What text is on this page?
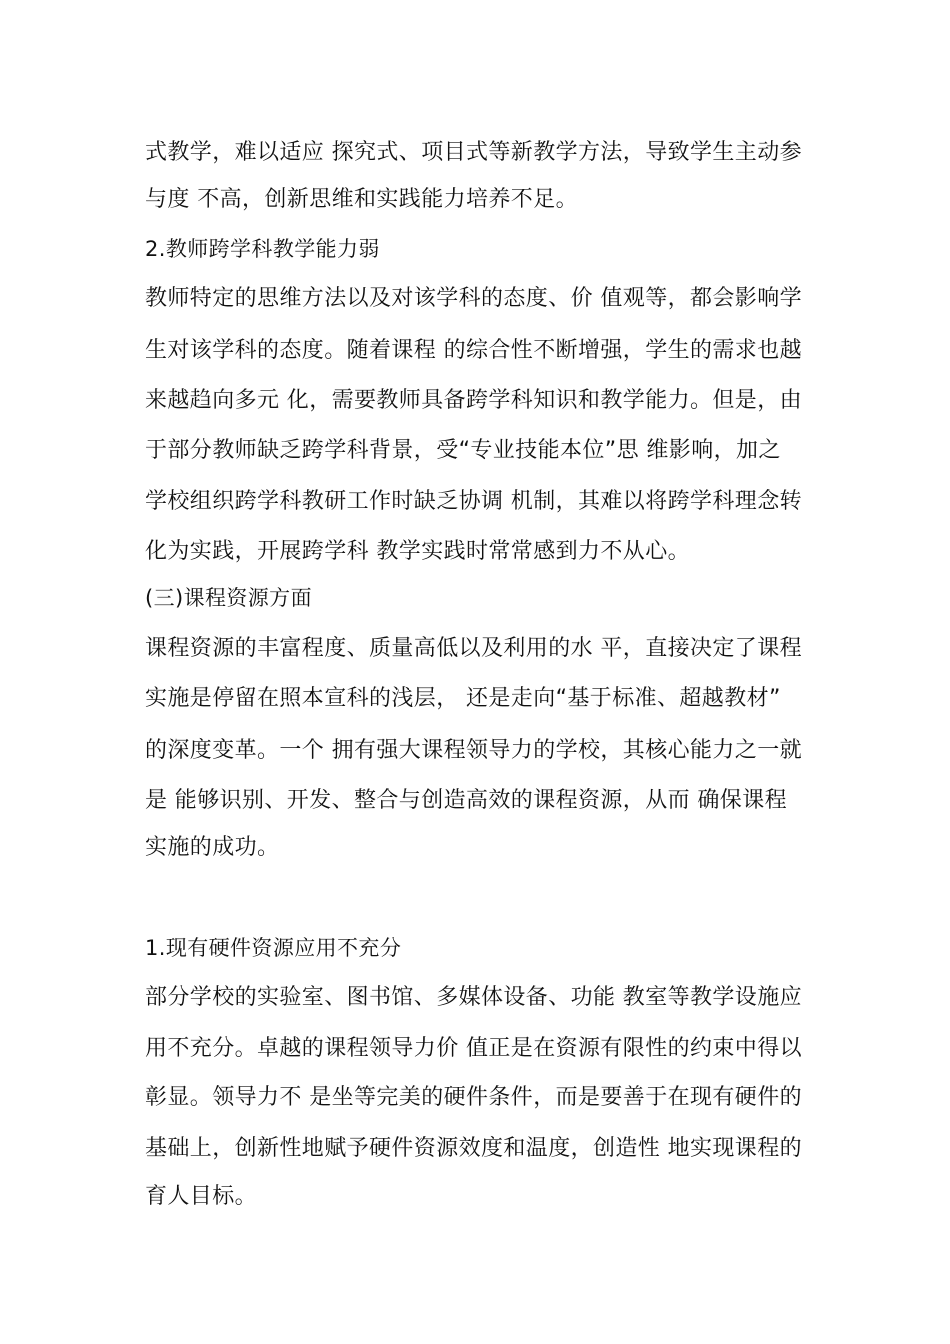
式教学，难以适应 探究式、项目式等新教学方法，导致学生主动参
与度 不高，创新思维和实践能力培养不足。
2.教师跨学科教学能力弱
教师特定的思维方法以及对该学科的态度、价 值观等，都会影响学
生对该学科的态度。随着课程 的综合性不断增强，学生的需求也越
来越趋向多元 化，需要教师具备跨学科知识和教学能力。但是，由
于部分教师缺乏跨学科背景，受“专业技能本位”思 维影响，加之
学校组织跨学科教研工作时缺乏协调 机制，其难以将跨学科理念转
化为实践，开展跨学科 教学实践时常常感到力不从心。
(三)课程资源方面
课程资源的丰富程度、质量高低以及利用的水 平，直接决定了课程
实施是停留在照本宣科的浅层， 还是走向“基于标准、超越教材”
的深度变革。一个 拥有强大课程领导力的学校，其核心能力之一就
是 能够识别、开发、整合与创造高效的课程资源，从而 确保课程
实施的成功。
1.现有硬件资源应用不充分
部分学校的实验室、图书馆、多媒体设备、功能 教室等教学设施应
用不充分。卓越的课程领导力价 值正是在资源有限性的约束中得以
彰显。领导力不 是坐等完美的硬件条件，而是要善于在现有硬件的
基础上，创新性地赋予硬件资源效度和温度，创造性 地实现课程的
育人目标。
